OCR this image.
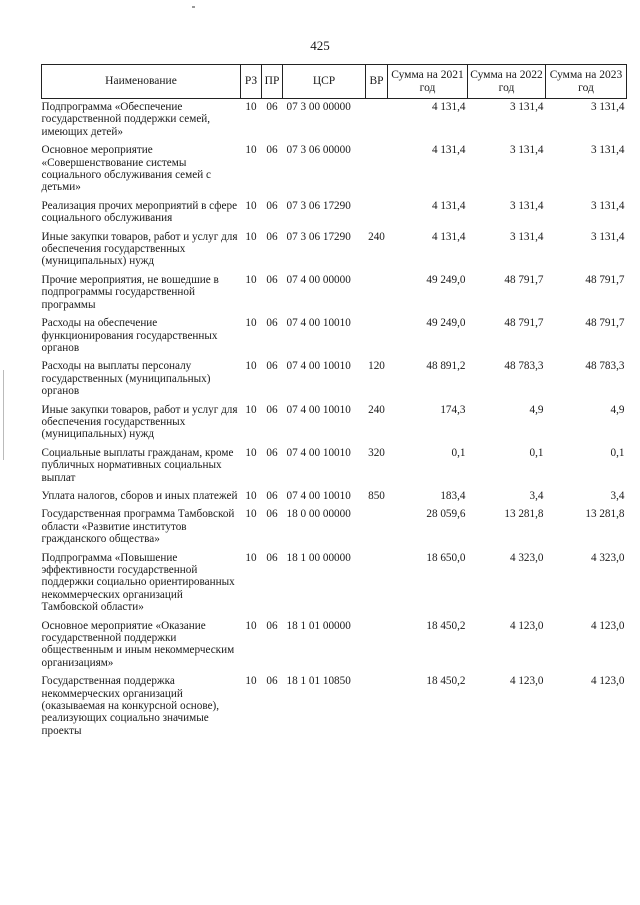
425
Наименование	РЗ	ПР	ЦСР	ВР	Сумма на 2021 год	Сумма на 2022 год	Сумма на 2023 год
Подпрограмма «Обеспечение государственной поддержки семей, имеющих детей»	10	06	07 3 00 00000		4 131,4	3 131,4	3 131,4
Основное мероприятие «Совершенствование системы социального обслуживания семей с детьми»	10	06	07 3 06 00000		4 131,4	3 131,4	3 131,4
Реализация прочих мероприятий в сфере социального обслуживания	10	06	07 3 06 17290		4 131,4	3 131,4	3 131,4
Иные закупки товаров, работ и услуг для обеспечения государственных (муниципальных) нужд	10	06	07 3 06 17290	240	4 131,4	3 131,4	3 131,4
Прочие мероприятия, не вошедшие в подпрограммы государственной программы	10	06	07 4 00 00000		49 249,0	48 791,7	48 791,7
Расходы на обеспечение функционирования государственных органов	10	06	07 4 00 10010		49 249,0	48 791,7	48 791,7
Расходы на выплаты персоналу государственных (муниципальных) органов	10	06	07 4 00 10010	120	48 891,2	48 783,3	48 783,3
Иные закупки товаров, работ и услуг для обеспечения государственных (муниципальных) нужд	10	06	07 4 00 10010	240	174,3	4,9	4,9
Социальные выплаты гражданам, кроме публичных нормативных социальных выплат	10	06	07 4 00 10010	320	0,1	0,1	0,1
Уплата налогов, сборов и иных платежей	10	06	07 4 00 10010	850	183,4	3,4	3,4
Государственная программа Тамбовской области «Развитие институтов гражданского общества»	10	06	18 0 00 00000		28 059,6	13 281,8	13 281,8
Подпрограмма «Повышение эффективности государственной поддержки социально ориентированных некоммерческих организаций Тамбовской области»	10	06	18 1 00 00000		18 650,0	4 323,0	4 323,0
Основное мероприятие «Оказание государственной поддержки общественным и иным некоммерческим организациям»	10	06	18 1 01 00000		18 450,2	4 123,0	4 123,0
Государственная поддержка некоммерческих организаций (оказываемая на конкурсной основе), реализующих социально значимые проекты	10	06	18 1 01 10850		18 450,2	4 123,0	4 123,0
